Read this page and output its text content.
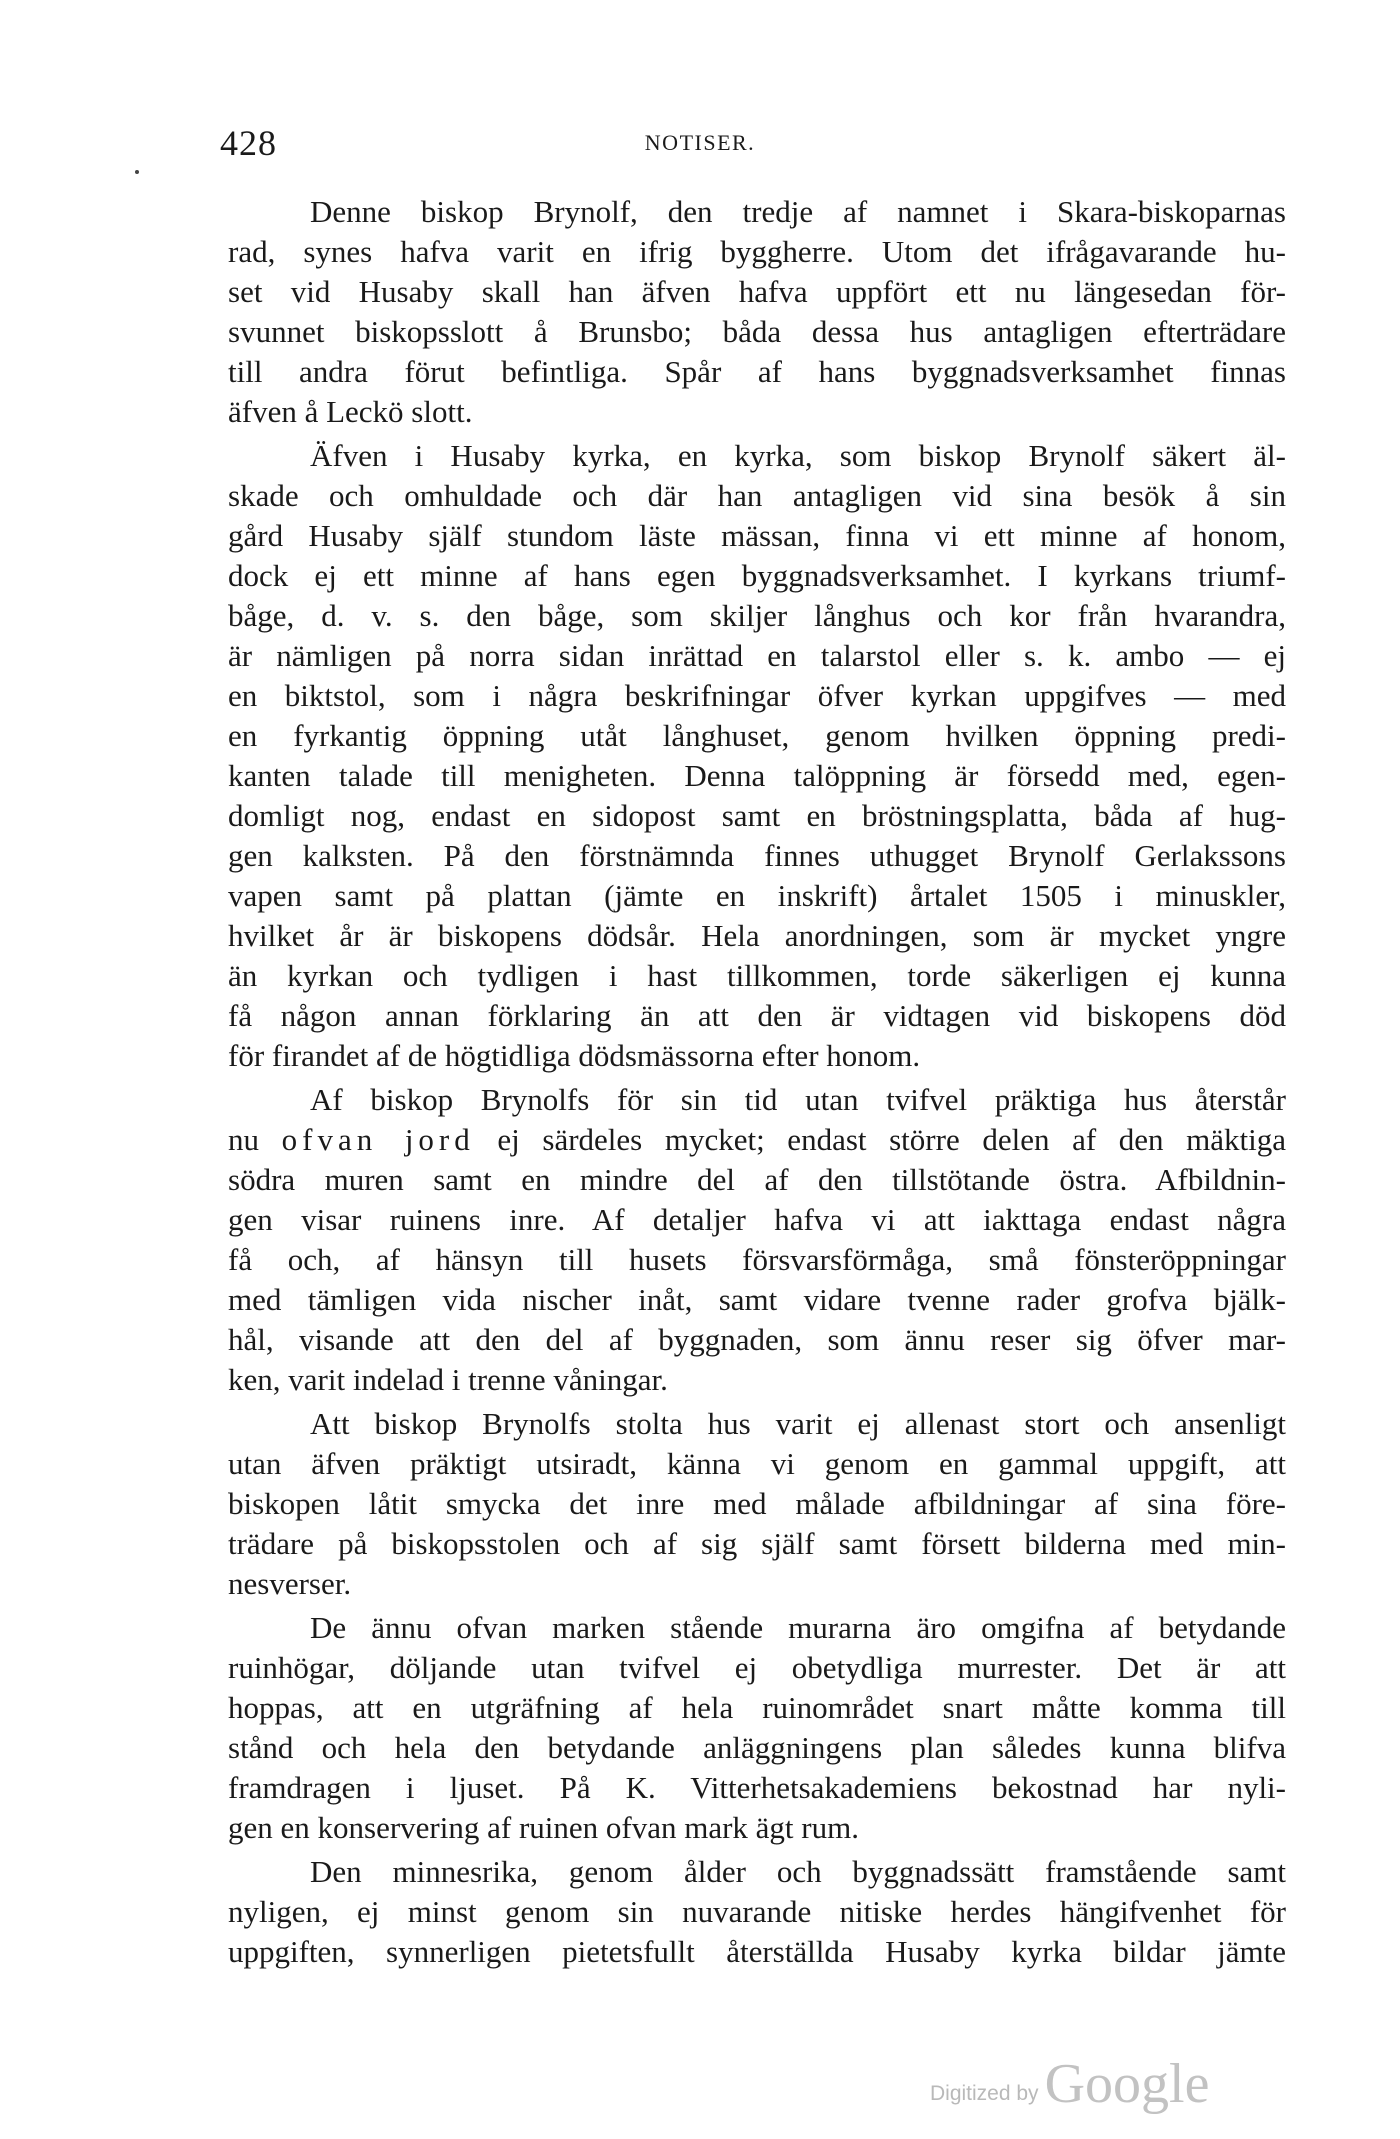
428	NOTISER.

Denne biskop Brynolf, den tredje af namnet i Skara-biskoparnas
rad, synes hafva varit en ifrig byggherre. Utom det ifrågavarande hu-
set vid Husaby skall han äfven hafva uppfört ett nu längesedan för-
svunnet biskopsslott å Brunsbo; båda dessa hus antagligen efterträdare
till andra förut befintliga. Spår af hans byggnadsverksamhet finnas
äfven å Leckö slott.

Äfven i Husaby kyrka, en kyrka, som biskop Brynolf säkert äl-
skade och omhuldade och där han antagligen vid sina besök å sin
gård Husaby själf stundom läste mässan, finna vi ett minne af honom,
dock ej ett minne af hans egen byggnadsverksamhet. I kyrkans triumf-
båge, d. v. s. den båge, som skiljer långhus och kor från hvarandra,
är nämligen på norra sidan inrättad en talarstol eller s. k. ambo — ej
en biktstol, som i några beskrifningar öfver kyrkan uppgifves — med
en fyrkantig öppning utåt långhuset, genom hvilken öppning predi-
kanten talade till menigheten. Denna talöppning är försedd med, egen-
domligt nog, endast en sidopost samt en bröstningsplatta, båda af hug-
gen kalksten. På den förstnämnda finnes uthugget Brynolf Gerlakssons
vapen samt på plattan (jämte en inskrift) årtalet 1505 i minuskler,
hvilket år är biskopens dödsår. Hela anordningen, som är mycket yngre
än kyrkan och tydligen i hast tillkommen, torde säkerligen ej kunna
få någon annan förklaring än att den är vidtagen vid biskopens död
för firandet af de högtidliga dödsmässorna efter honom.

Af biskop Brynolfs för sin tid utan tvifvel präktiga hus återstår
nu ofvan jord ej särdeles mycket; endast större delen af den mäktiga
södra muren samt en mindre del af den tillstötande östra. Afbildnin-
gen visar ruinens inre. Af detaljer hafva vi att iakttaga endast några
få och, af hänsyn till husets försvarsförmåga, små fönsteröppningar
med tämligen vida nischer inåt, samt vidare tvenne rader grofva bjälk-
hål, visande att den del af byggnaden, som ännu reser sig öfver mar-
ken, varit indelad i trenne våningar.

Att biskop Brynolfs stolta hus varit ej allenast stort och ansenligt
utan äfven präktigt utsiradt, känna vi genom en gammal uppgift, att
biskopen låtit smycka det inre med målade afbildningar af sina före-
trädare på biskopsstolen och af sig själf samt försett bilderna med min-
nesverser.

De ännu ofvan marken stående murarna äro omgifna af betydande
ruinhögar, döljande utan tvifvel ej obetydliga murrester. Det är att
hoppas, att en utgräfning af hela ruinområdet snart måtte komma till
stånd och hela den betydande anläggningens plan således kunna blifva
framdragen i ljuset. På K. Vitterhetsakademiens bekostnad har nyli-
gen en konservering af ruinen ofvan mark ägt rum.

Den minnesrika, genom ålder och byggnadssätt framstående samt
nyligen, ej minst genom sin nuvarande nitiske herdes hängifvenhet för
uppgiften, synnerligen pietetsfullt återställda Husaby kyrka bildar jämte

Digitized by Google
